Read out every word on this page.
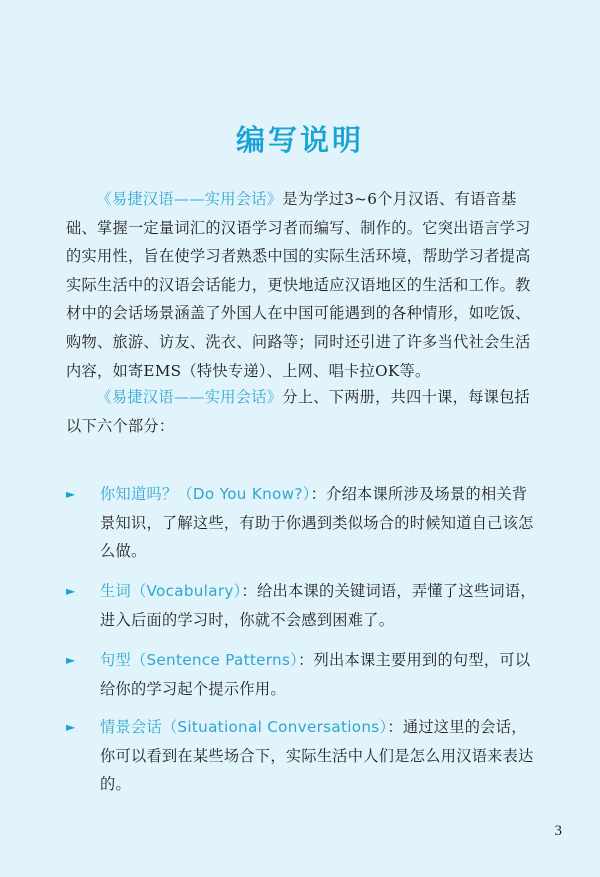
编写说明

《易捷汉语——实用会话》是为学过3~6个月汉语、有语音基础、掌握一定量词汇的汉语学习者而编写、制作的。它突出语言学习的实用性，旨在使学习者熟悉中国的实际生活环境，帮助学习者提高实际生活中的汉语会话能力，更快地适应汉语地区的生活和工作。教材中的会话场景涵盖了外国人在中国可能遇到的各种情形，如吃饭、购物、旅游、访友、洗衣、问路等；同时还引进了许多当代社会生活内容，如寄EMS（特快专递）、上网、唱卡拉OK等。

《易捷汉语——实用会话》分上、下两册，共四十课，每课包括以下六个部分：

►	你知道吗？（Do You Know?）：介绍本课所涉及场景的相关背景知识，了解这些，有助于你遇到类似场合的时候知道自己该怎么做。

►	生词（Vocabulary）：给出本课的关键词语，弄懂了这些词语，进入后面的学习时，你就不会感到困难了。

►	句型（Sentence Patterns）：列出本课主要用到的句型，可以给你的学习起个提示作用。

►	情景会话（Situational Conversations）：通过这里的会话，你可以看到在某些场合下，实际生活中人们是怎么用汉语来表达的。

3
